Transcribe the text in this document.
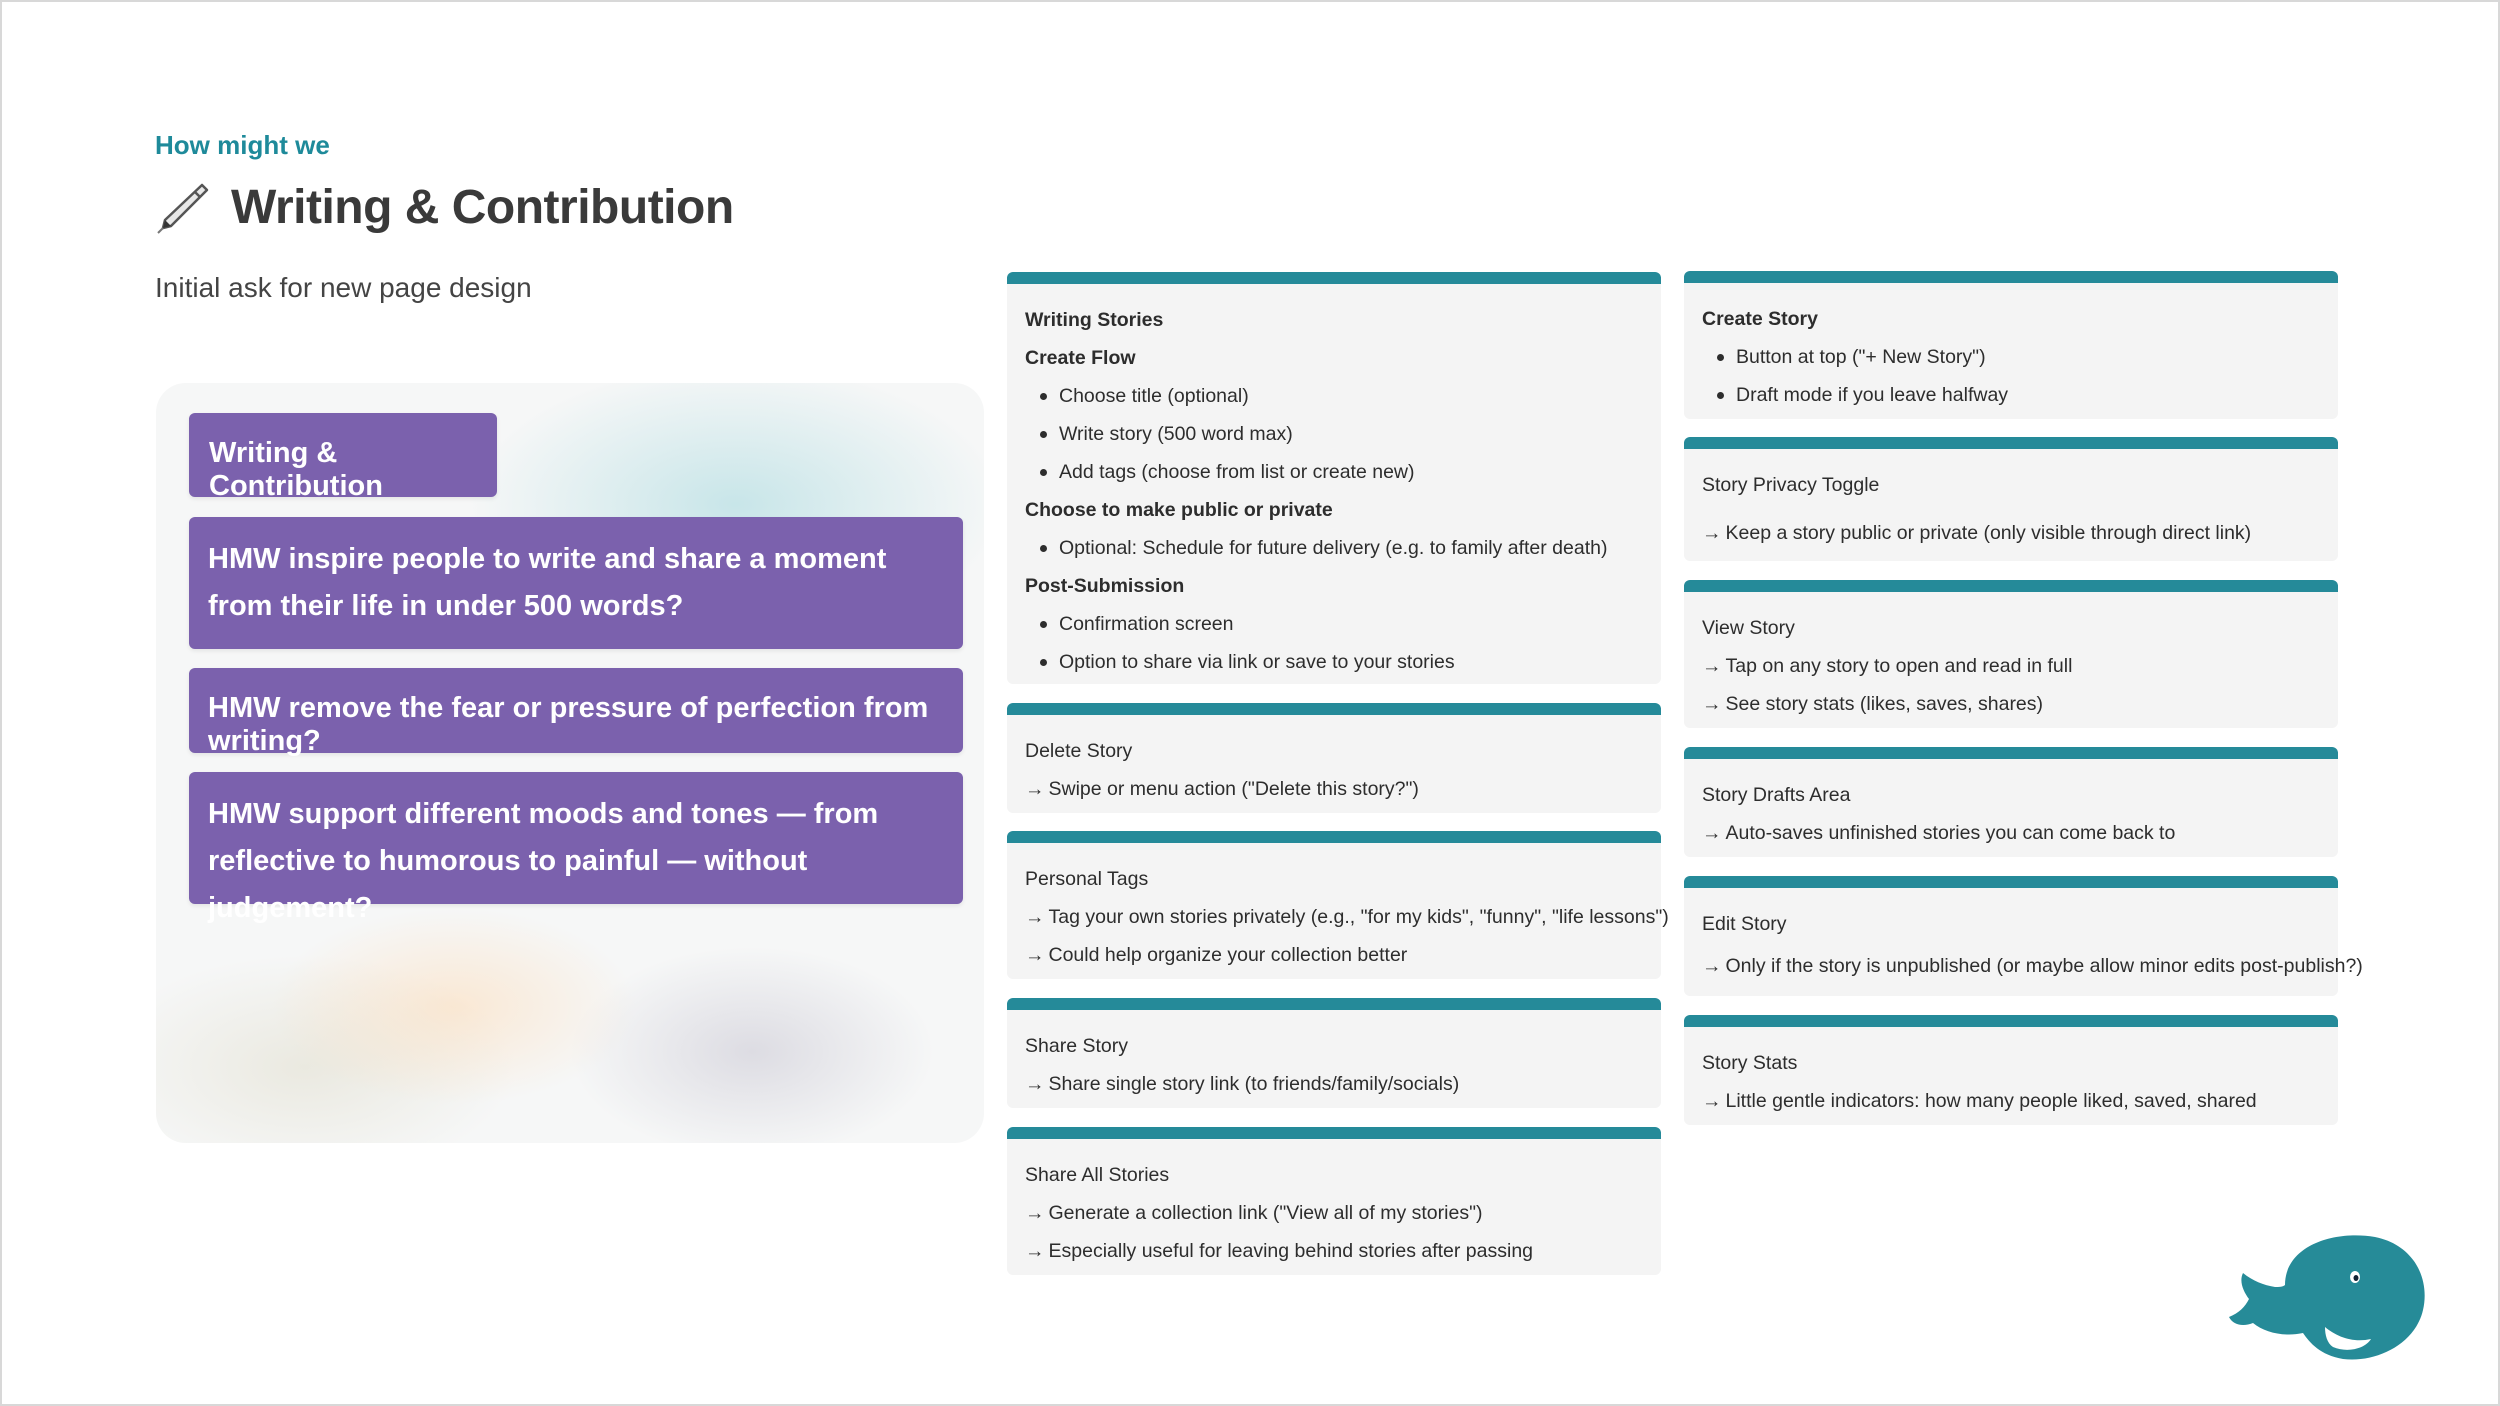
How might we
Writing & Contribution
Initial ask for new page design
Writing & Contribution
HMW inspire people to write and share a moment from their life in under 500 words?
HMW remove the fear or pressure of perfection from writing?
HMW support different moods and tones — from reflective to humorous to painful — without judgement?
Writing Stories
Create Flow
Choose title (optional)
Write story (500 word max)
Add tags (choose from list or create new)
Choose to make public or private
Optional: Schedule for future delivery (e.g. to family after death)
Post-Submission
Confirmation screen
Option to share via link or save to your stories
Delete Story
→ Swipe or menu action ("Delete this story?")
Personal Tags
→ Tag your own stories privately (e.g., "for my kids", "funny", "life lessons")
→ Could help organize your collection better
Share Story
→ Share single story link (to friends/family/socials)
Share All Stories
→ Generate a collection link ("View all of my stories")
→ Especially useful for leaving behind stories after passing
Create Story
Button at top ("+ New Story")
Draft mode if you leave halfway
Story Privacy Toggle
→ Keep a story public or private (only visible through direct link)
View Story
→ Tap on any story to open and read in full
→ See story stats (likes, saves, shares)
Story Drafts Area
→ Auto-saves unfinished stories you can come back to
Edit Story
→ Only if the story is unpublished (or maybe allow minor edits post-publish?)
Story Stats
→ Little gentle indicators: how many people liked, saved, shared
